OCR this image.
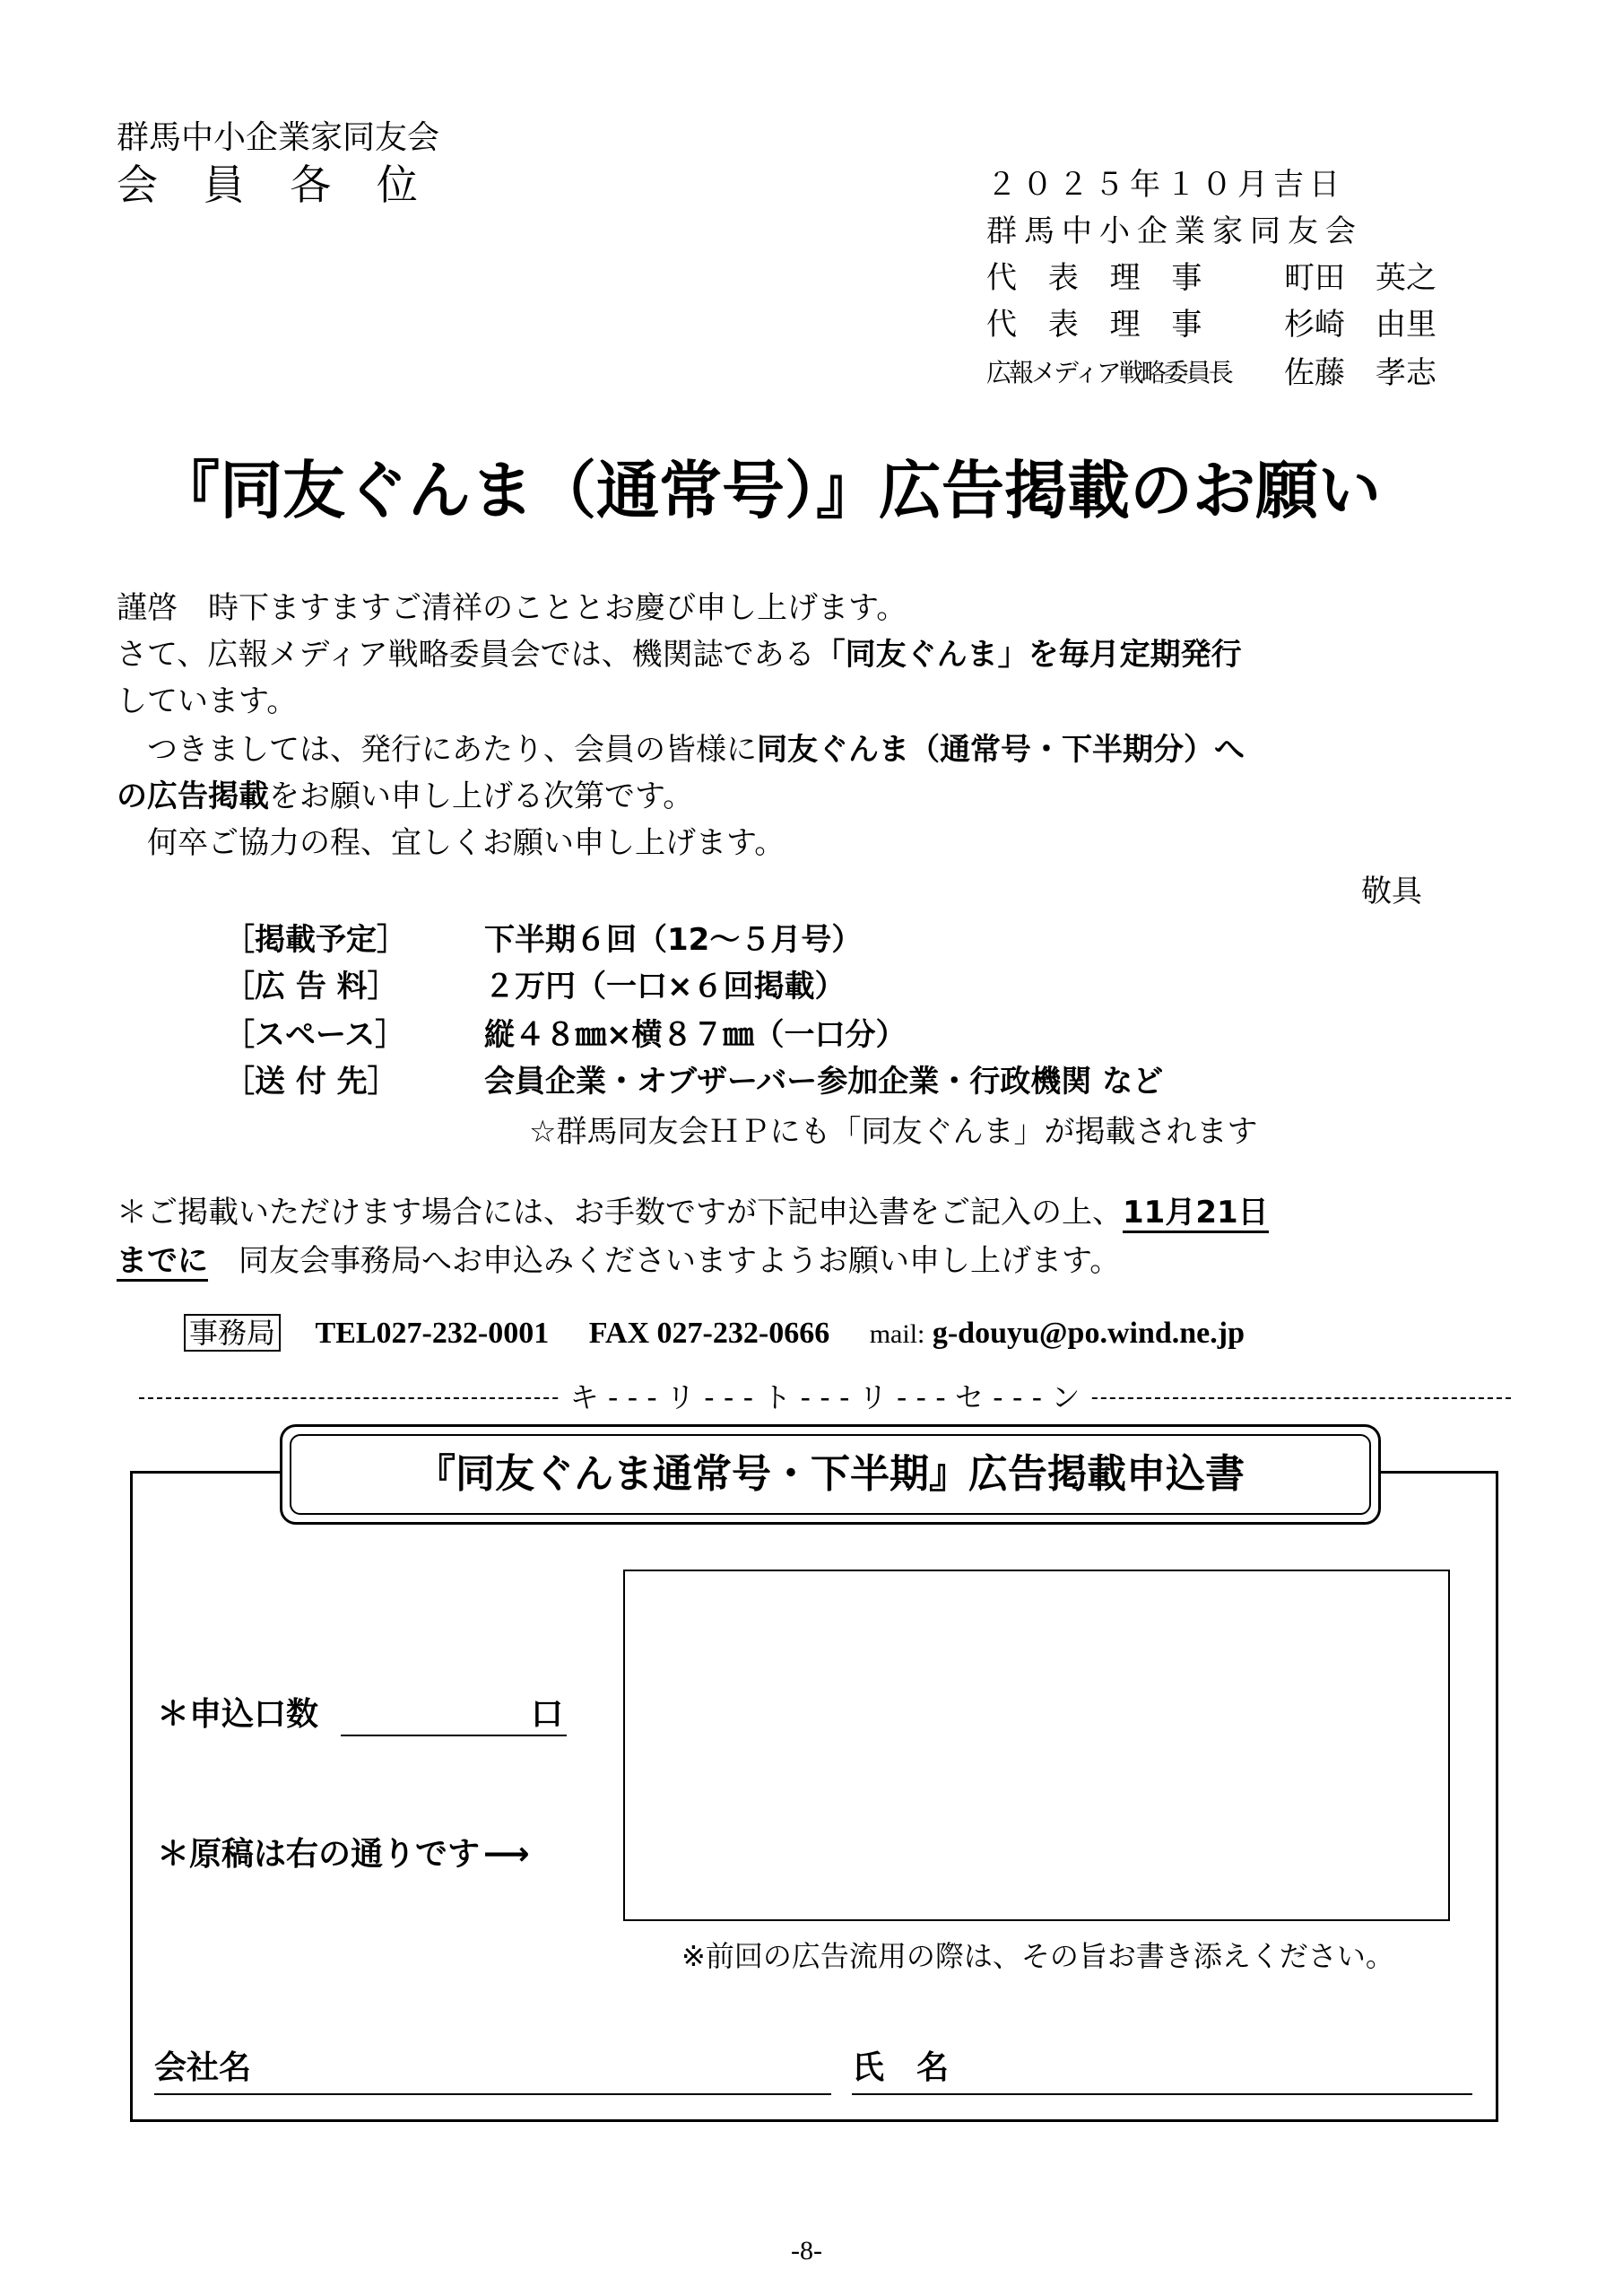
群馬中小企業家同友会
会 員 各 位	２０２５年１０月吉日
群馬中小企業家同友会
代 表 理 事 町田　英之
代 表 理 事 杉崎　由里
広報メディア戦略委員長 佐藤　孝志
『同友ぐんま（通常号）』広告掲載のお願い
謹啓　時下ますますご清祥のこととお慶び申し上げます。
さて、広報メディア戦略委員会では、機関誌である「同友ぐんま」を毎月定期発行
しています。
　つきましては、発行にあたり、会員の皆様に同友ぐんま（通常号・下半期分）へ
の広告掲載をお願い申し上げる次第です。
　何卒ご協力の程、宜しくお願い申し上げます。
敬具
［掲載予定］	下半期６回（12～５月号）
［広 告 料］	２万円（一口×６回掲載）
［スペース］	縦４８㎜×横８７㎜（一口分）
［送 付 先］	会員企業・オブザーバー参加企業・行政機関 など
☆群馬同友会ＨＰにも「同友ぐんま」が掲載されます
＊ご掲載いただけます場合には、お手数ですが下記申込書をご記入の上、11月21日
までに　同友会事務局へお申込みくださいますようお願い申し上げます。
事務局 TEL027-232-0001 FAX 027-232-0666 mail: g-douyu@po.wind.ne.jp
キ - - - リ - - - ト - - - リ - - - セ - - - ン
『同友ぐんま通常号・下半期』広告掲載申込書
＊申込口数	口
＊原稿は右の通りです ⟶
※前回の広告流用の際は、その旨お書き添えください。
会社名	氏　名
-8-
